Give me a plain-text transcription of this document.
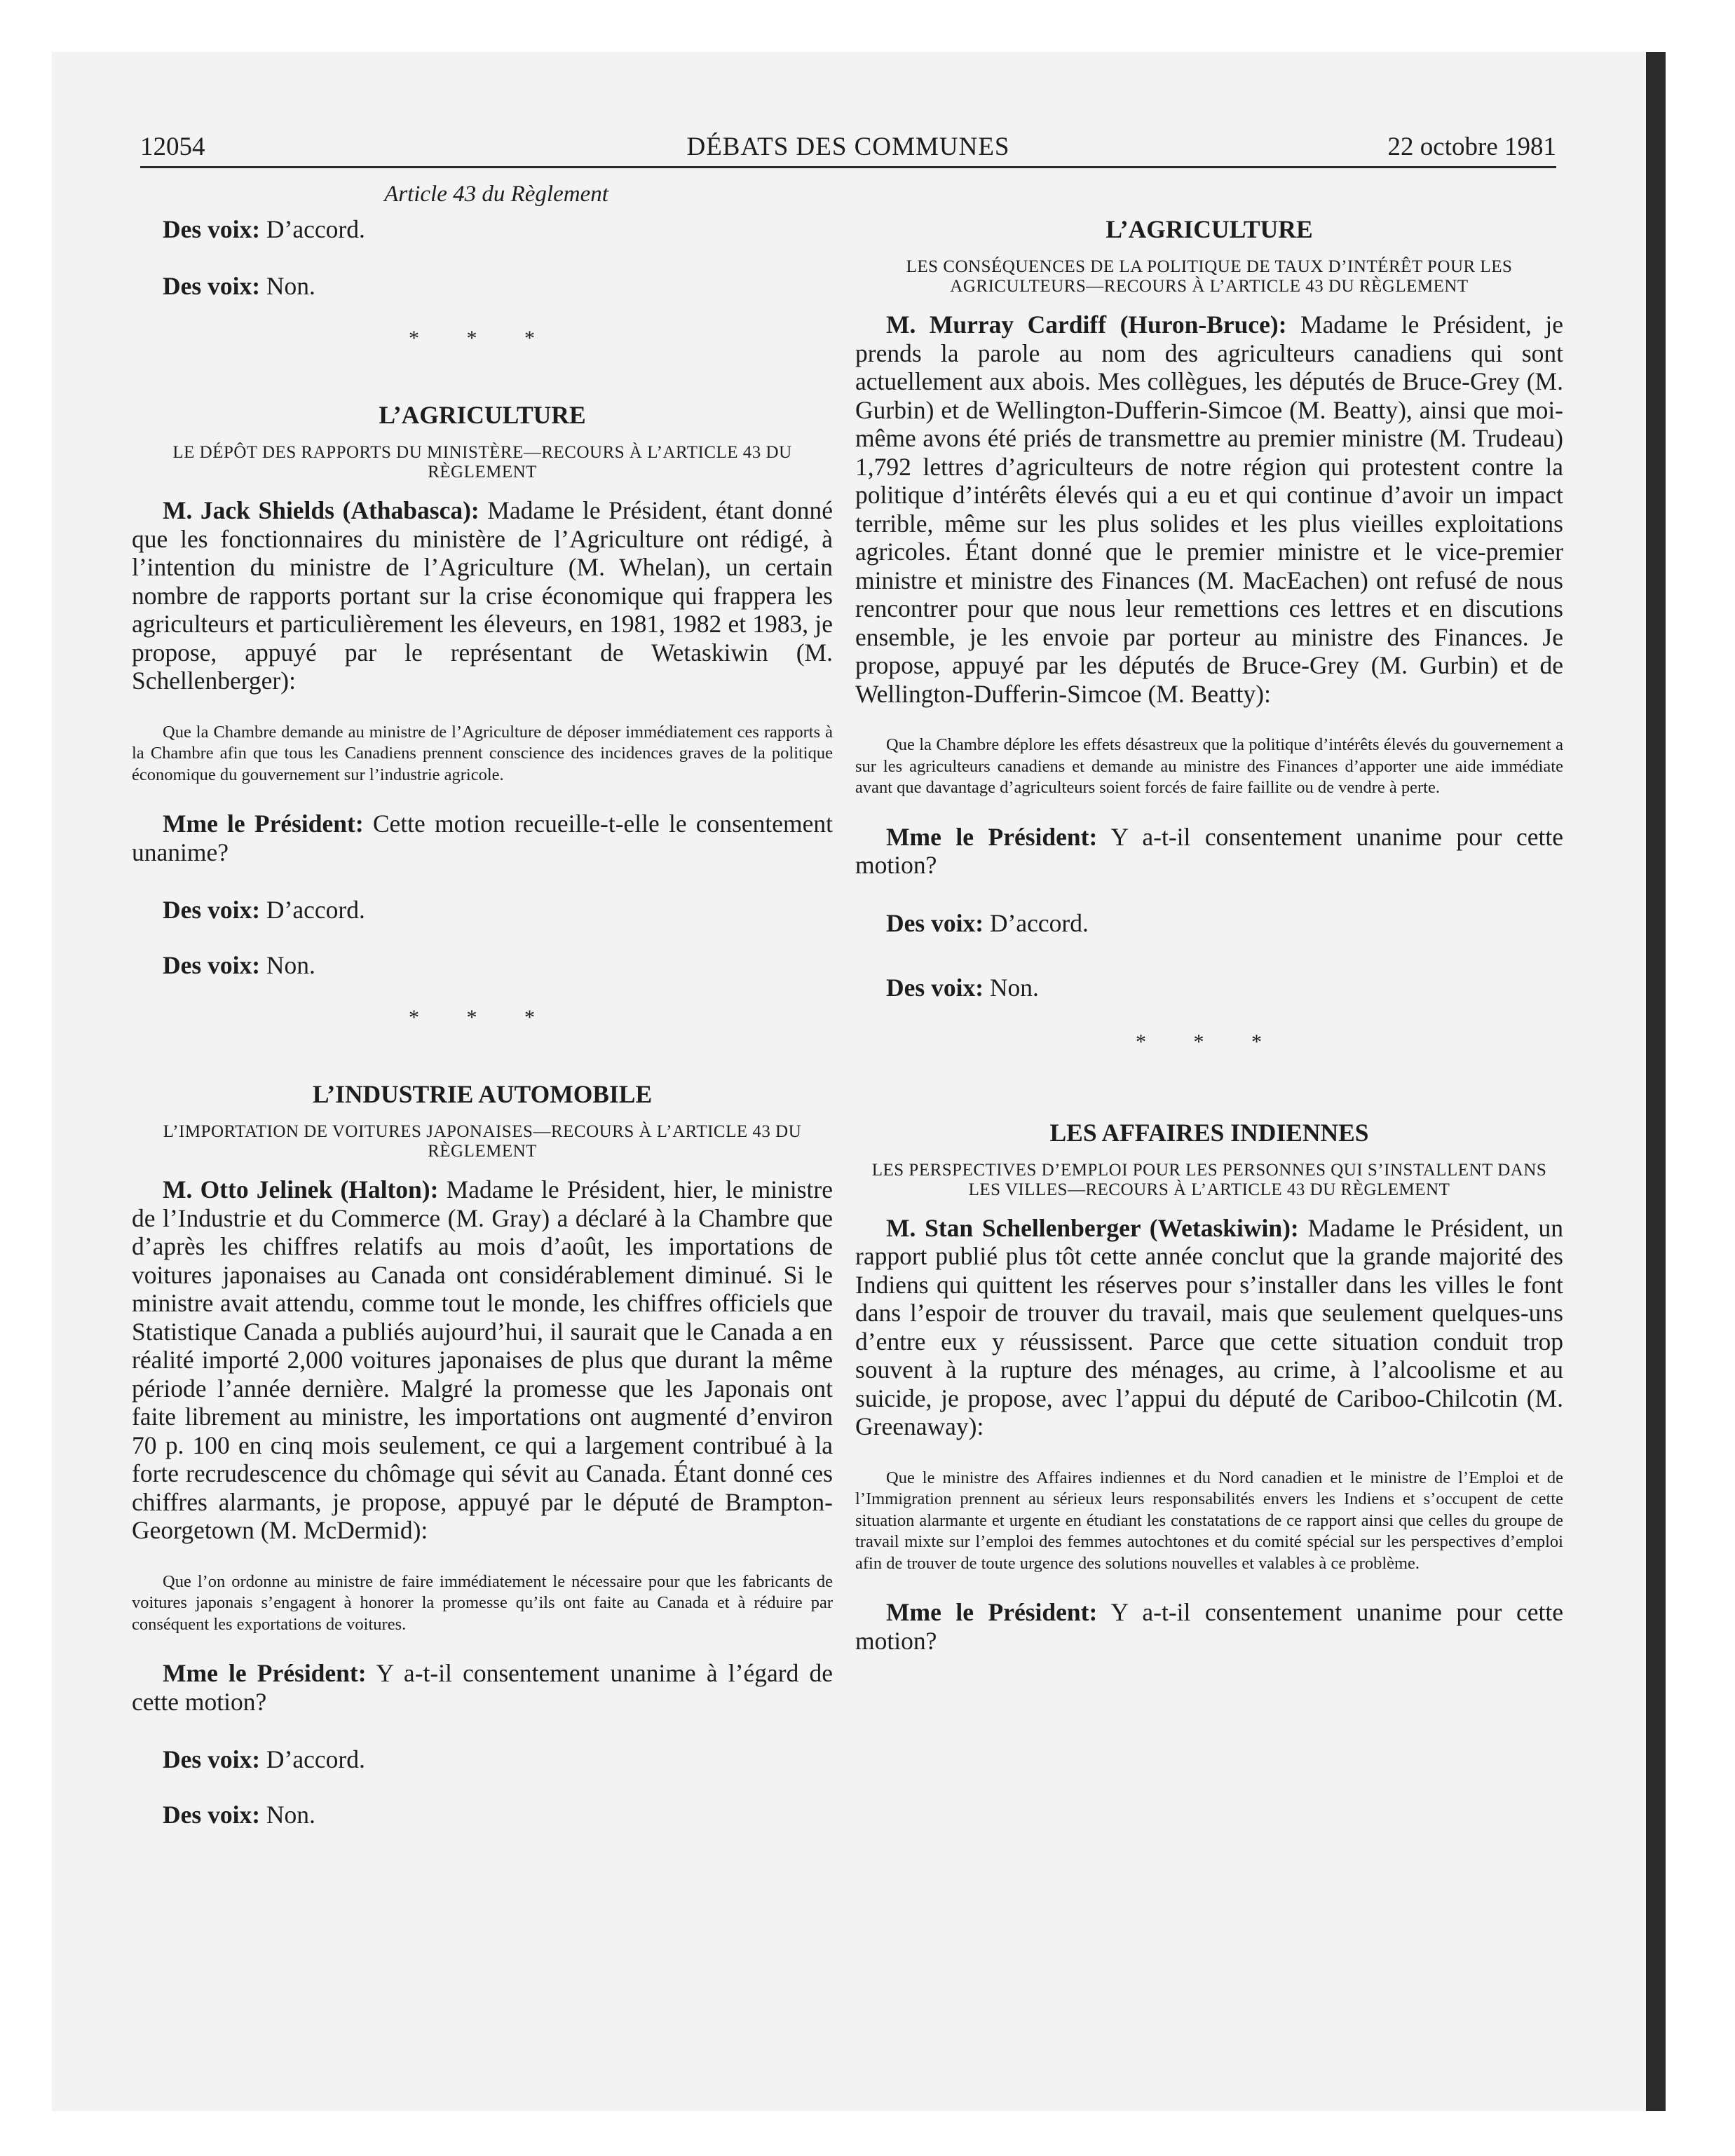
12054	DÉBATS DES COMMUNES	22 octobre 1981

Article 43 du Règlement

Des voix: D’accord.

Des voix: Non.

* * *

L’AGRICULTURE

LE DÉPÔT DES RAPPORTS DU MINISTÈRE—RECOURS À L’ARTICLE 43 DU RÈGLEMENT

M. Jack Shields (Athabasca): Madame le Président, étant donné que les fonctionnaires du ministère de l’Agriculture ont rédigé, à l’intention du ministre de l’Agriculture (M. Whelan), un certain nombre de rapports portant sur la crise économique qui frappera les agriculteurs et particulièrement les éleveurs, en 1981, 1982 et 1983, je propose, appuyé par le représentant de Wetaskiwin (M. Schellenberger):

Que la Chambre demande au ministre de l’Agriculture de déposer immédiatement ces rapports à la Chambre afin que tous les Canadiens prennent conscience des incidences graves de la politique économique du gouvernement sur l’industrie agricole.

Mme le Président: Cette motion recueille-t-elle le consentement unanime?

Des voix: D’accord.

Des voix: Non.

* * *

L’INDUSTRIE AUTOMOBILE

L’IMPORTATION DE VOITURES JAPONAISES—RECOURS À L’ARTICLE 43 DU RÈGLEMENT

M. Otto Jelinek (Halton): Madame le Président, hier, le ministre de l’Industrie et du Commerce (M. Gray) a déclaré à la Chambre que d’après les chiffres relatifs au mois d’août, les importations de voitures japonaises au Canada ont considérablement diminué. Si le ministre avait attendu, comme tout le monde, les chiffres officiels que Statistique Canada a publiés aujourd’hui, il saurait que le Canada a en réalité importé 2,000 voitures japonaises de plus que durant la même période l’année dernière. Malgré la promesse que les Japonais ont faite librement au ministre, les importations ont augmenté d’environ 70 p. 100 en cinq mois seulement, ce qui a largement contribué à la forte recrudescence du chômage qui sévit au Canada. Étant donné ces chiffres alarmants, je propose, appuyé par le député de Brampton-Georgetown (M. McDermid):

Que l’on ordonne au ministre de faire immédiatement le nécessaire pour que les fabricants de voitures japonais s’engagent à honorer la promesse qu’ils ont faite au Canada et à réduire par conséquent les exportations de voitures.

Mme le Président: Y a-t-il consentement unanime à l’égard de cette motion?

Des voix: D’accord.

Des voix: Non.

L’AGRICULTURE

LES CONSÉQUENCES DE LA POLITIQUE DE TAUX D’INTÉRÊT POUR LES AGRICULTEURS—RECOURS À L’ARTICLE 43 DU RÈGLEMENT

M. Murray Cardiff (Huron-Bruce): Madame le Président, je prends la parole au nom des agriculteurs canadiens qui sont actuellement aux abois. Mes collègues, les députés de Bruce-Grey (M. Gurbin) et de Wellington-Dufferin-Simcoe (M. Beatty), ainsi que moi-même avons été priés de transmettre au premier ministre (M. Trudeau) 1,792 lettres d’agriculteurs de notre région qui protestent contre la politique d’intérêts élevés qui a eu et qui continue d’avoir un impact terrible, même sur les plus solides et les plus vieilles exploitations agricoles. Étant donné que le premier ministre et le vice-premier ministre et ministre des Finances (M. MacEachen) ont refusé de nous rencontrer pour que nous leur remettions ces lettres et en discutions ensemble, je les envoie par porteur au ministre des Finances. Je propose, appuyé par les députés de Bruce-Grey (M. Gurbin) et de Wellington-Dufferin-Simcoe (M. Beatty):

Que la Chambre déplore les effets désastreux que la politique d’intérêts élevés du gouvernement a sur les agriculteurs canadiens et demande au ministre des Finances d’apporter une aide immédiate avant que davantage d’agriculteurs soient forcés de faire faillite ou de vendre à perte.

Mme le Président: Y a-t-il consentement unanime pour cette motion?

Des voix: D’accord.

Des voix: Non.

* * *

LES AFFAIRES INDIENNES

LES PERSPECTIVES D’EMPLOI POUR LES PERSONNES QUI S’INSTALLENT DANS LES VILLES—RECOURS À L’ARTICLE 43 DU RÈGLEMENT

M. Stan Schellenberger (Wetaskiwin): Madame le Président, un rapport publié plus tôt cette année conclut que la grande majorité des Indiens qui quittent les réserves pour s’installer dans les villes le font dans l’espoir de trouver du travail, mais que seulement quelques-uns d’entre eux y réussissent. Parce que cette situation conduit trop souvent à la rupture des ménages, au crime, à l’alcoolisme et au suicide, je propose, avec l’appui du député de Cariboo-Chilcotin (M. Greenaway):

Que le ministre des Affaires indiennes et du Nord canadien et le ministre de l’Emploi et de l’Immigration prennent au sérieux leurs responsabilités envers les Indiens et s’occupent de cette situation alarmante et urgente en étudiant les constatations de ce rapport ainsi que celles du groupe de travail mixte sur l’emploi des femmes autochtones et du comité spécial sur les perspectives d’emploi afin de trouver de toute urgence des solutions nouvelles et valables à ce problème.

Mme le Président: Y a-t-il consentement unanime pour cette motion?
